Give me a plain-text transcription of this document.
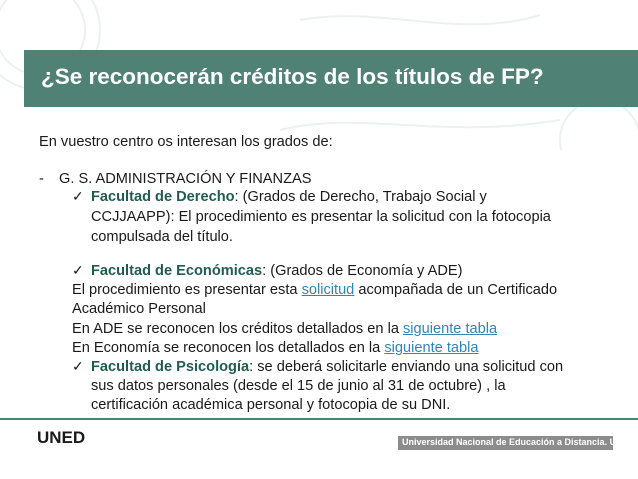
¿Se reconocerán créditos de los títulos de FP?
En vuestro centro os interesan los grados de:
- G. S. ADMINISTRACIÓN Y FINANZAS
✓ Facultad de Derecho: (Grados de Derecho, Trabajo Social y
CCJJAAPP): El procedimiento es presentar la solicitud con la fotocopia
compulsada del título.
✓ Facultad de Económicas: (Grados de Economía y ADE)
El procedimiento es presentar esta solicitud acompañada de un Certificado
Académico Personal
En ADE se reconocen los créditos detallados en la siguiente tabla
En Economía se reconocen los detallados en la siguiente tabla
✓ Facultad de Psicología: se deberá solicitarle enviando una solicitud con
sus datos personales (desde el 15 de junio al 31 de octubre) , la
certificación académica personal y fotocopia de su DNI.
UNED	Universidad Nacional de Educación a Distancia. UNED
